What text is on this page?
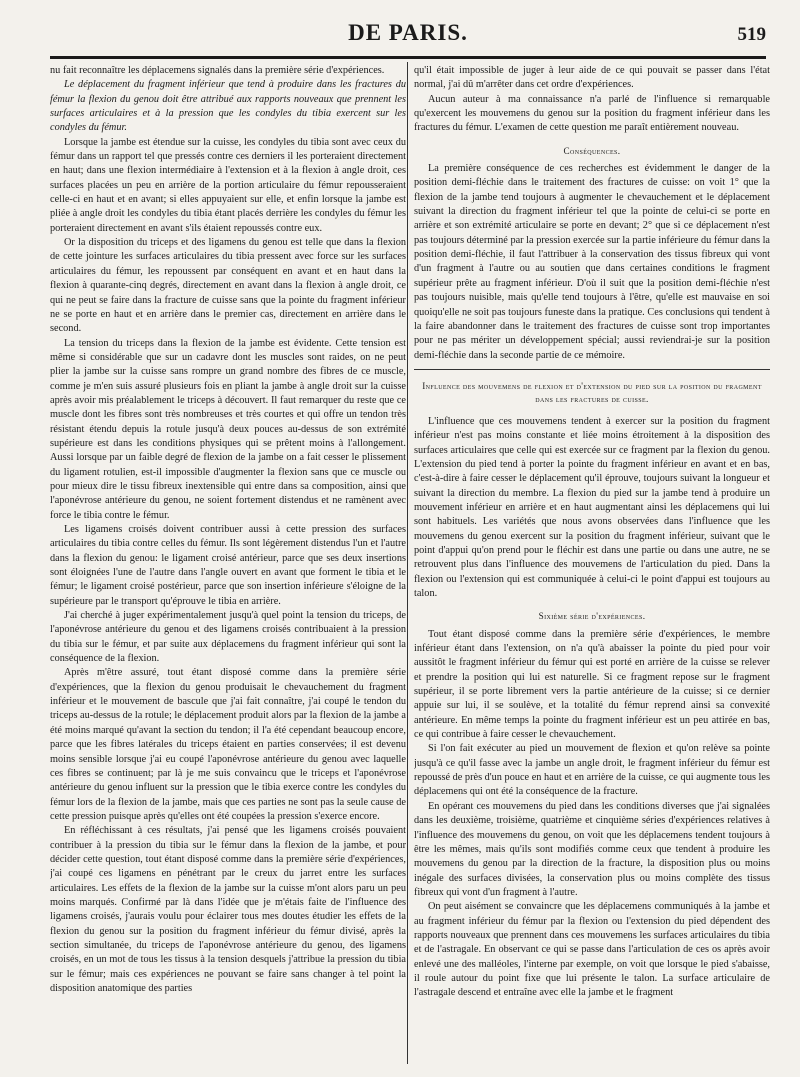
DE PARIS.	519

nu fait reconnaître les déplacemens signalés dans la première série d'expériences.

Le déplacement du fragment inférieur que tend à produire dans les fractures du fémur la flexion du genou doit être attribué aux rapports nouveaux que prennent les surfaces articulaires et à la pression que les condyles du tibia exercent sur les condyles du fémur.

Lorsque la jambe est étendue sur la cuisse, les condyles du tibia sont avec ceux du fémur dans un rapport tel que pressés contre ces derniers il les porteraient directement en haut; dans une flexion intermédiaire à l'extension et à la flexion à angle droit, ces surfaces placées un peu en arrière de la portion articulaire du fémur repousseraient celle-ci en haut et en avant; si elles appuyaient sur elle, et enfin lorsque la jambe est pliée à angle droit les condyles du tibia étant placés derrière les condyles du fémur les porteraient directement en avant s'ils étaient repoussés contre eux.

Or la disposition du triceps et des ligamens du genou est telle que dans la flexion de cette jointure les surfaces articulaires du tibia pressent avec force sur les surfaces articulaires du fémur, les repoussent par conséquent en avant et en haut dans la flexion à quarante-cinq degrés, directement en avant dans la flexion à angle droit, ce qui ne peut se faire dans la fracture de cuisse sans que la pointe du fragment inférieur ne se porte en haut et en arrière dans le premier cas, directement en arrière dans le second.

La tension du triceps dans la flexion de la jambe est évidente. Cette tension est même si considérable que sur un cadavre dont les muscles sont raides, on ne peut plier la jambe sur la cuisse sans rompre un grand nombre des fibres de ce muscle, comme je m'en suis assuré plusieurs fois en pliant la jambe à angle droit sur la cuisse après avoir mis préalablement le triceps à découvert. Il faut remarquer du reste que ce muscle dont les fibres sont très nombreuses et très courtes et qui offre un tendon très résistant étendu depuis la rotule jusqu'à deux pouces au-dessus de son extrémité supérieure est dans les conditions physiques qui se prêtent moins à l'allongement. Aussi lorsque par un faible degré de flexion de la jambe on a fait cesser le plissement du ligament rotulien, est-il impossible d'augmenter la flexion sans que ce muscle ou pour mieux dire le tissu fibreux inextensible qui entre dans sa composition, ainsi que l'aponévrose antérieure du genou, ne soient fortement distendus et ne ramènent avec force le tibia contre le fémur.

Les ligamens croisés doivent contribuer aussi à cette pression des surfaces articulaires du tibia contre celles du fémur. Ils sont légèrement distendus l'un et l'autre dans la flexion du genou: le ligament croisé antérieur, parce que ses deux insertions sont éloignées l'une de l'autre dans l'angle ouvert en avant que forment le tibia et le fémur; le ligament croisé postérieur, parce que son insertion inférieure s'éloigne de la supérieure par le transport qu'éprouve le tibia en arrière.

J'ai cherché à juger expérimentalement jusqu'à quel point la tension du triceps, de l'aponévrose antérieure du genou et des ligamens croisés contribuaient à la pression du tibia sur le fémur, et par suite aux déplacemens du fragment inférieur qui sont la conséquence de la flexion.

Après m'être assuré, tout étant disposé comme dans la première série d'expériences, que la flexion du genou produisait le chevauchement du fragment inférieur et le mouvement de bascule que j'ai fait connaître, j'ai coupé le tendon du triceps au-dessus de la rotule; le déplacement produit alors par la flexion de la jambe a été moins marqué qu'avant la section du tendon; il l'a été cependant beaucoup encore, parce que les fibres latérales du triceps étaient en parties conservées; il est devenu moins sensible lorsque j'ai eu coupé l'aponévrose antérieure du genou avec laquelle ces fibres se continuent; par là je me suis convaincu que le triceps et l'aponévrose antérieure du genou influent sur la pression que le tibia exerce contre les condyles du fémur lors de la flexion de la jambe, mais que ces parties ne sont pas la seule cause de cette pression puisque après qu'elles ont été coupées la pression s'exerce encore.

En réfléchissant à ces résultats, j'ai pensé que les ligamens croisés pouvaient contribuer à la pression du tibia sur le fémur dans la flexion de la jambe, et pour décider cette question, tout étant disposé comme dans la première série d'expériences, j'ai coupé ces ligamens en pénétrant par le creux du jarret entre les surfaces articulaires. Les effets de la flexion de la jambe sur la cuisse m'ont alors paru un peu moins marqués. Confirmé par là dans l'idée que je m'étais faite de l'influence des ligamens croisés, j'aurais voulu pour éclairer tous mes doutes étudier les effets de la flexion du genou sur la position du fragment inférieur du fémur divisé, après la section simultanée, du triceps de l'aponévrose antérieure du genou, des ligamens croisés, en un mot de tous les tissus à la tension desquels j'attribue la pression du tibia sur le fémur; mais ces expériences ne pouvant se faire sans changer à tel point la disposition anatomique des parties

qu'il était impossible de juger à leur aide de ce qui pouvait se passer dans l'état normal, j'ai dû m'arrêter dans cet ordre d'expériences.

Aucun auteur à ma connaissance n'a parlé de l'influence si remarquable qu'exercent les mouvemens du genou sur la position du fragment inférieur dans les fractures du fémur. L'examen de cette question me paraît entièrement nouveau.

Conséquences.

La première conséquence de ces recherches est évidemment le danger de la position demi-fléchie dans le traitement des fractures de cuisse: on voit 1° que la flexion de la jambe tend toujours à augmenter le chevauchement et le déplacement suivant la direction du fragment inférieur tel que la pointe de celui-ci se porte en arrière et son extrémité articulaire se porte en devant; 2° que si ce déplacement n'est pas toujours déterminé par la pression exercée sur la partie inférieure du fémur dans la position demi-fléchie, il faut l'attribuer à la conservation des tissus fibreux qui vont d'un fragment à l'autre ou au soutien que dans certaines conditions le fragment supérieur prête au fragment inférieur. D'où il suit que la position demi-fléchie n'est pas toujours nuisible, mais qu'elle tend toujours à l'être, qu'elle est mauvaise en soi quoiqu'elle ne soit pas toujours funeste dans la pratique. Ces conclusions qui tendent à la faire abandonner dans le traitement des fractures de cuisse sont trop importantes pour ne pas mériter un développement spécial; aussi reviendrai-je sur la position demi-fléchie dans la seconde partie de ce mémoire.

Influence des mouvemens de flexion et d'extension du pied sur la position du fragment dans les fractures de cuisse.

L'influence que ces mouvemens tendent à exercer sur la position du fragment inférieur n'est pas moins constante et liée moins étroitement à la disposition des surfaces articulaires que celle qui est exercée sur ce fragment par la flexion du genou. L'extension du pied tend à porter la pointe du fragment inférieur en avant et en bas, c'est-à-dire à faire cesser le déplacement qu'il éprouve, toujours suivant la longueur et suivant la direction du membre. La flexion du pied sur la jambe tend à produire un mouvement inférieur en arrière et en haut augmentant ainsi les déplacemens qui lui sont habituels. Les variétés que nous avons observées dans l'influence que les mouvemens du genou exercent sur la position du fragment inférieur, suivant que le point d'appui qu'on prend pour le fléchir est dans une partie ou dans une autre, ne se retrouvent plus dans l'influence des mouvemens de l'articulation du pied. Dans la flexion ou l'extension qui est communiquée à celui-ci le point d'appui est toujours au talon.

Sixième série d'expériences.

Tout étant disposé comme dans la première série d'expériences, le membre inférieur étant dans l'extension, on n'a qu'à abaisser la pointe du pied pour voir aussitôt le fragment inférieur du fémur qui est porté en arrière de la cuisse se relever et prendre la position qui lui est naturelle. Si ce fragment repose sur le fragment supérieur, il se porte librement vers la partie antérieure de la cuisse; si ce dernier appuie sur lui, il se soulève, et la totalité du fémur reprend ainsi sa convexité antérieure. En même temps la pointe du fragment inférieur est un peu attirée en bas, ce qui contribue à faire cesser le chevauchement.

Si l'on fait exécuter au pied un mouvement de flexion et qu'on relève sa pointe jusqu'à ce qu'il fasse avec la jambe un angle droit, le fragment inférieur du fémur est repoussé de près d'un pouce en haut et en arrière de la cuisse, ce qui augmente tous les déplacemens qui ont été la conséquence de la fracture.

En opérant ces mouvemens du pied dans les conditions diverses que j'ai signalées dans les deuxième, troisième, quatrième et cinquième séries d'expériences relatives à l'influence des mouvemens du genou, on voit que les déplacemens tendent toujours à être les mêmes, mais qu'ils sont modifiés comme ceux que tendent à produire les mouvemens du genou par la direction de la fracture, la disposition plus ou moins inégale des surfaces divisées, la conservation plus ou moins complète des tissus fibreux qui vont d'un fragment à l'autre.

On peut aisément se convaincre que les déplacemens communiqués à la jambe et au fragment inférieur du fémur par la flexion ou l'extension du pied dépendent des rapports nouveaux que prennent dans ces mouvemens les surfaces articulaires du tibia et de l'astragale. En observant ce qui se passe dans l'articulation de ces os après avoir enlevé une des malléoles, l'interne par exemple, on voit que lorsque le pied s'abaisse, il roule autour du point fixe que lui présente le talon. La surface articulaire de l'astragale descend et entraîne avec elle la jambe et le fragment
